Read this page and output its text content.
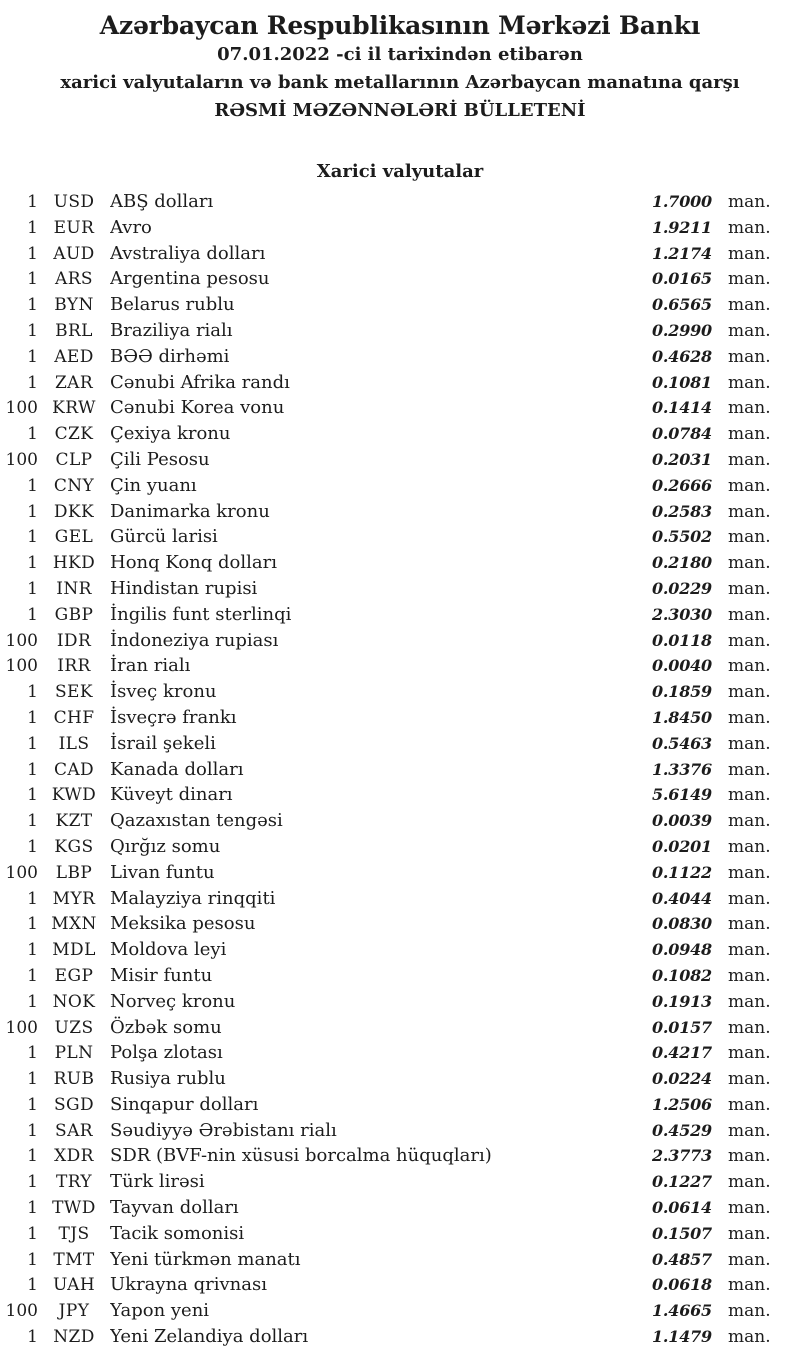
Azərbaycan Respublikasının Mərkəzi Bankı
07.01.2022 -ci il tarixindən etibarən
xarici valyutaların və bank metallarının Azərbaycan manatına qarşı
RƏSMİ MƏZƏNNƏLƏRİ BÜLLETENİ
Xarici valyutalar
1 USD ABŞ dolları	1.7000 man.
1 EUR Avro	1.9211 man.
1 AUD Avstraliya dolları	1.2174 man.
1	ARS Argentina pesosu	0.0165 man.
1 BYN Belarus rublu	0.6565 man.
1	BRL Braziliya rialı	0.2990 man.
1 AED BƏƏ dirhəmi	0.4628 man.
1 ZAR Cənubi Afrika randı	0.1081 man.
100 KRW Cənubi Korea vonu	0.1414 man.
1 CZK Çexiya kronu	0.0784 man.
100	CLP Çili Pesosu	0.2031 man.
1 CNY Çin yuanı	0.2666 man.
1 DKK Danimarka kronu	0.2583 man.
1 GEL Gürcü larisi	0.5502 man.
1 HKD Honq Konq dolları	0.2180 man.
1	INR	Hindistan rupisi	0.0229 man.
1 GBP İngilis funt sterlinqi	2.3030 man.
100	IDR	İndoneziya rupiası	0.0118 man.
100	IRR	İran rialı	0.0040 man.
1	SEK İsveç kronu	0.1859 man.
1 CHF İsveçrə frankı	1.8450 man.
1	ILS	İsrail şekeli	0.5463 man.
1 CAD Kanada dolları	1.3376 man.
1 KWD Küveyt dinarı	5.6149 man.
1	KZT Qazaxıstan tengəsi	0.0039 man.
1 KGS Qırğız somu	0.0201 man.
100	LBP Livan funtu	0.1122 man.
1 MYR Malayziya rinqqiti	0.4044 man.
1 MXN Meksika pesosu	0.0830 man.
1 MDL Moldova leyi	0.0948 man.
1 EGP Misir funtu	0.1082 man.
1 NOK Norveç kronu	0.1913 man.
100 UZS Özbək somu	0.0157 man.
1 PLN Polşa zlotası	0.4217 man.
1 RUB Rusiya rublu	0.0224 man.
1 SGD Sinqapur dolları	1.2506 man.
1	SAR Səudiyyə Ərəbistanı rialı	0.4529 man.
1 XDR SDR (BVF-nin xüsusi borcalma hüquqları)	2.3773 man.
1	TRY Türk lirəsi	0.1227 man.
1 TWD Tayvan dolları	0.0614 man.
1	TJS	Tacik somonisi	0.1507 man.
1 TMT Yeni türkmən manatı	0.4857 man.
1 UAH Ukrayna qrivnası	0.0618 man.
100	JPY	Yapon yeni	1.4665 man.
1 NZD Yeni Zelandiya dolları	1.1479 man.
